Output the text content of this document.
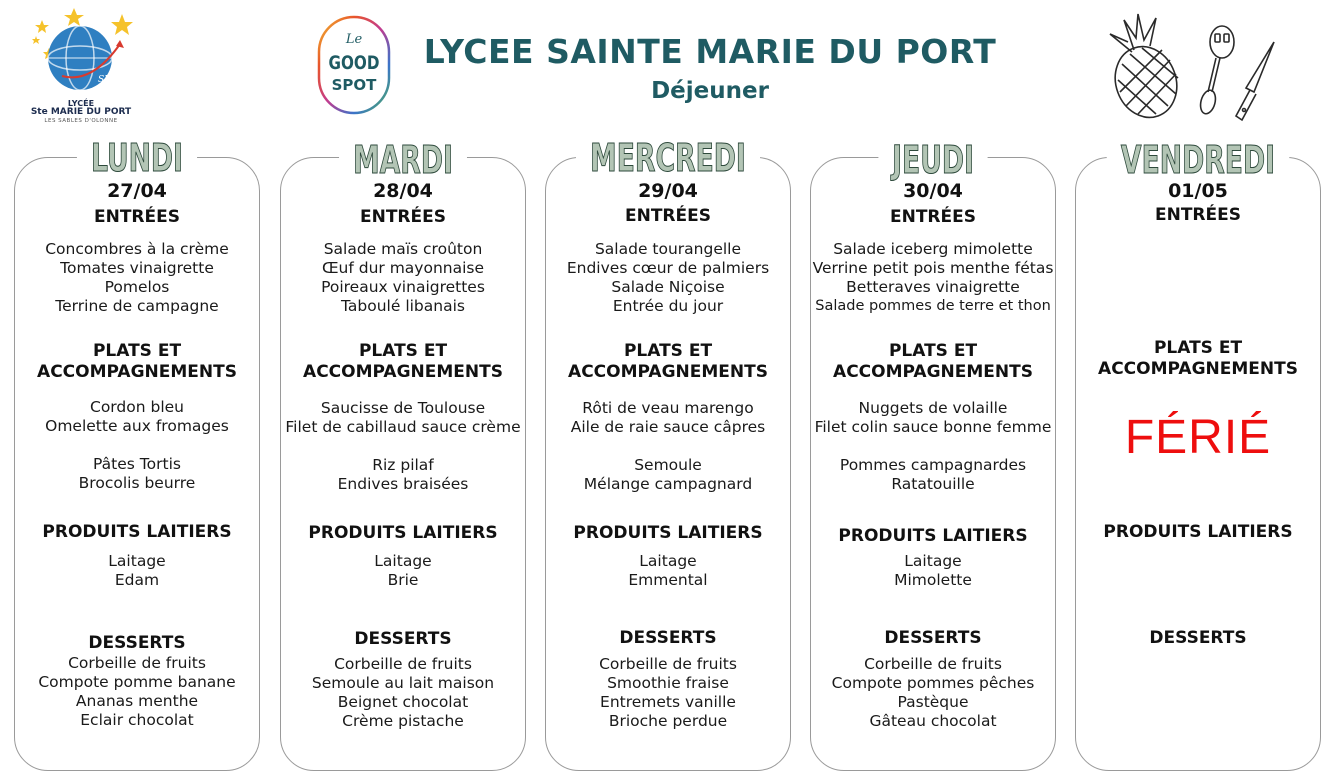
SMP
LYCÉE
Ste MARIE DU PORT
LES SABLES D'OLONNE
Le
GOOD
SPOT
LYCEE SAINTE MARIE DU PORT
Déjeuner
LUNDI
27/04
ENTRÉES
Concombres à la crème
Tomates vinaigrette
Pomelos
Terrine de campagne
PLATS ET
ACCOMPAGNEMENTS
Cordon bleu
Omelette aux fromages
Pâtes Tortis
Brocolis beurre
PRODUITS LAITIERS
Laitage
Edam
DESSERTS
Corbeille de fruits
Compote pomme banane
Ananas menthe
Eclair chocolat
MARDI
28/04
ENTRÉES
Salade maïs croûton
Œuf dur mayonnaise
Poireaux vinaigrettes
Taboulé libanais
PLATS ET
ACCOMPAGNEMENTS
Saucisse de Toulouse
Filet de cabillaud sauce crème
Riz pilaf
Endives braisées
PRODUITS LAITIERS
Laitage
Brie
DESSERTS
Corbeille de fruits
Semoule au lait maison
Beignet chocolat
Crème pistache
MERCREDI
29/04
ENTRÉES
Salade tourangelle
Endives cœur de palmiers
Salade Niçoise
Entrée du jour
PLATS ET
ACCOMPAGNEMENTS
Rôti de veau marengo
Aile de raie sauce câpres
Semoule
Mélange campagnard
PRODUITS LAITIERS
Laitage
Emmental
DESSERTS
Corbeille de fruits
Smoothie fraise
Entremets vanille
Brioche perdue
JEUDI
30/04
ENTRÉES
Salade iceberg mimolette
Verrine petit pois menthe fétas
Betteraves vinaigrette
Salade pommes de terre et thon
PLATS ET
ACCOMPAGNEMENTS
Nuggets de volaille
Filet colin sauce bonne femme
Pommes campagnardes
Ratatouille
PRODUITS LAITIERS
Laitage
Mimolette
DESSERTS
Corbeille de fruits
Compote pommes pêches
Pastèque
Gâteau chocolat
VENDREDI
01/05
ENTRÉES
PLATS ET
ACCOMPAGNEMENTS
FÉRIÉ
PRODUITS LAITIERS
DESSERTS
